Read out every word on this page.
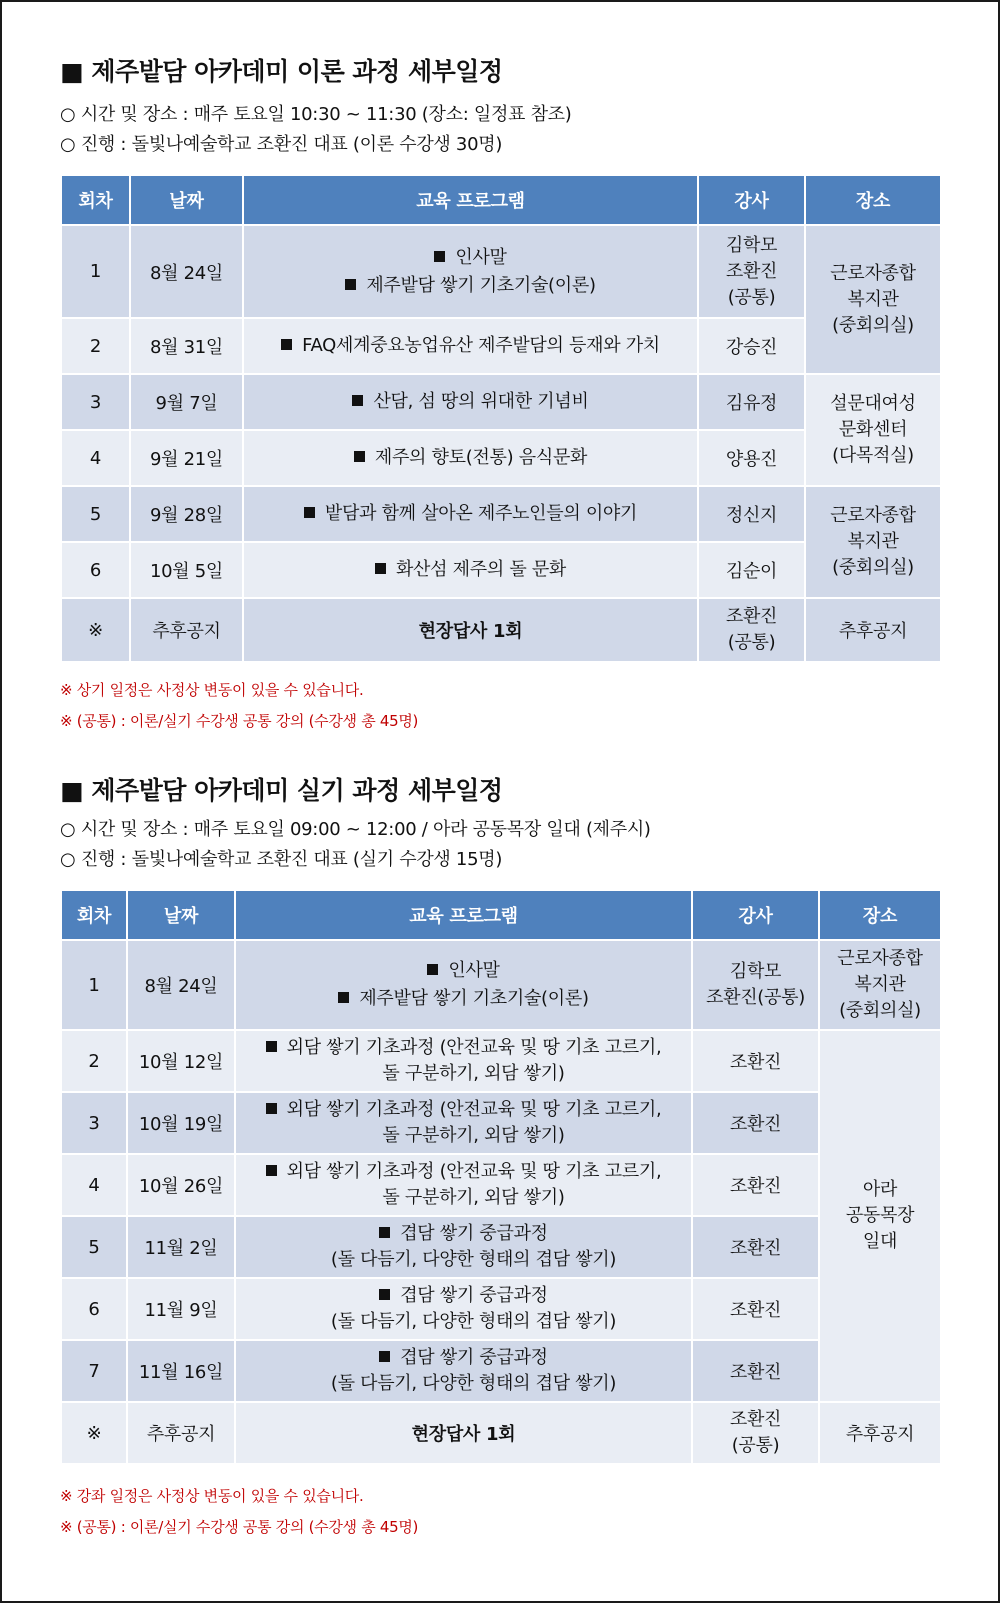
■ 제주밭담 아카데미 이론 과정 세부일정
○ 시간 및 장소 : 매주 토요일 10:30 ~ 11:30 (장소: 일정표 참조)
○ 진행 : 돌빛나예술학교 조환진 대표 (이론 수강생 30명)
회차	날짜	교육 프로그램	강사	장소
1	8월 24일	인사말
제주밭담 쌓기 기초기술(이론)	김학모
조환진
(공통)	근로자종합
복지관
(중회의실)

2	8월 31일	FAQ세계중요농업유산 제주밭담의 등재와 가치	강승진	
3	9월 7일	산담, 섬 땅의 위대한 기념비	김유정	설문대여성
문화센터
(다목적실)

4	9월 21일	제주의 향토(전통) 음식문화	양용진	
5	9월 28일	밭담과 함께 살아온 제주노인들의 이야기	정신지	근로자종합
복지관
(중회의실)

6	10월 5일	화산섬 제주의 돌 문화	김순이	
※	추후공지	현장답사 1회	조환진
(공통)	추후공지
※ 상기 일정은 사정상 변동이 있을 수 있습니다.
※ (공통) : 이론/실기 수강생 공통 강의 (수강생 총 45명)
■ 제주밭담 아카데미 실기 과정 세부일정
○ 시간 및 장소 : 매주 토요일 09:00 ~ 12:00 / 아라 공동목장 일대 (제주시)
○ 진행 : 돌빛나예술학교 조환진 대표 (실기 수강생 15명)
회차	날짜	교육 프로그램	강사	장소
1	8월 24일	인사말
제주밭담 쌓기 기초기술(이론)	김학모
조환진(공통)	근로자종합
복지관
(중회의실)

2	10월 12일	외담 쌓기 기초과정 (안전교육 및 땅 기초 고르기,
돌 구분하기, 외담 쌓기)	조환진	아라
공동목장
일대

3	10월 19일	외담 쌓기 기초과정 (안전교육 및 땅 기초 고르기,
돌 구분하기, 외담 쌓기)	조환진	
4	10월 26일	외담 쌓기 기초과정 (안전교육 및 땅 기초 고르기,
돌 구분하기, 외담 쌓기)	조환진	
5	11월 2일	겹담 쌓기 중급과정
(돌 다듬기, 다양한 형태의 겹담 쌓기)	조환진	
6	11월 9일	겹담 쌓기 중급과정
(돌 다듬기, 다양한 형태의 겹담 쌓기)	조환진	
7	11월 16일	겹담 쌓기 중급과정
(돌 다듬기, 다양한 형태의 겹담 쌓기)	조환진	
※	추후공지	현장답사 1회	조환진
(공통)	추후공지
※ 강좌 일정은 사정상 변동이 있을 수 있습니다.
※ (공통) : 이론/실기 수강생 공통 강의 (수강생 총 45명)
